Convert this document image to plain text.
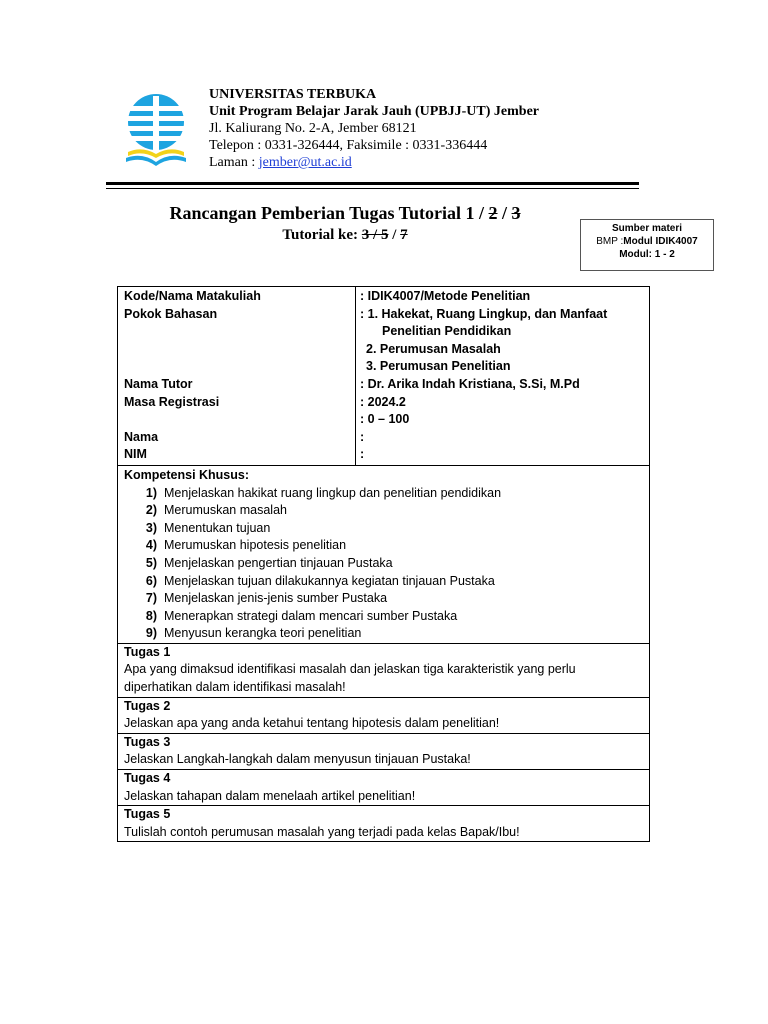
UNIVERSITAS TERBUKA
Unit Program Belajar Jarak Jauh (UPBJJ-UT) Jember
Jl. Kaliurang No. 2-A, Jember 68121
Telepon : 0331-326444, Faksimile : 0331-336444
Laman : jember@ut.ac.id
Rancangan Pemberian Tugas Tutorial 1 / 2 / 3
Tutorial ke: 3 / 5 / 7	Sumber materi
BMP :Modul IDIK4007
Modul: 1 - 2
Kode/Nama Matakuliah
Pokok Bahasan
Nama Tutor
Masa Registrasi
Nama
NIM
: IDIK4007/Metode Penelitian
: 1. Hakekat, Ruang Lingkup, dan Manfaat
Penelitian Pendidikan
2. Perumusan Masalah
3. Perumusan Penelitian
: Dr. Arika Indah Kristiana, S.Si, M.Pd
: 2024.2
: 0 – 100
:
:
Kompetensi Khusus:
1) Menjelaskan hakikat ruang lingkup dan penelitian pendidikan
2) Merumuskan masalah
3) Menentukan tujuan
4) Merumuskan hipotesis penelitian
5) Menjelaskan pengertian tinjauan Pustaka
6) Menjelaskan tujuan dilakukannya kegiatan tinjauan Pustaka
7) Menjelaskan jenis-jenis sumber Pustaka
8) Menerapkan strategi dalam mencari sumber Pustaka
9) Menyusun kerangka teori penelitian
Tugas 1
Apa yang dimaksud identifikasi masalah dan jelaskan tiga karakteristik yang perlu
diperhatikan dalam identifikasi masalah!
Tugas 2
Jelaskan apa yang anda ketahui tentang hipotesis dalam penelitian!
Tugas 3
Jelaskan Langkah-langkah dalam menyusun tinjauan Pustaka!
Tugas 4
Jelaskan tahapan dalam menelaah artikel penelitian!
Tugas 5
Tulislah contoh perumusan masalah yang terjadi pada kelas Bapak/Ibu!
